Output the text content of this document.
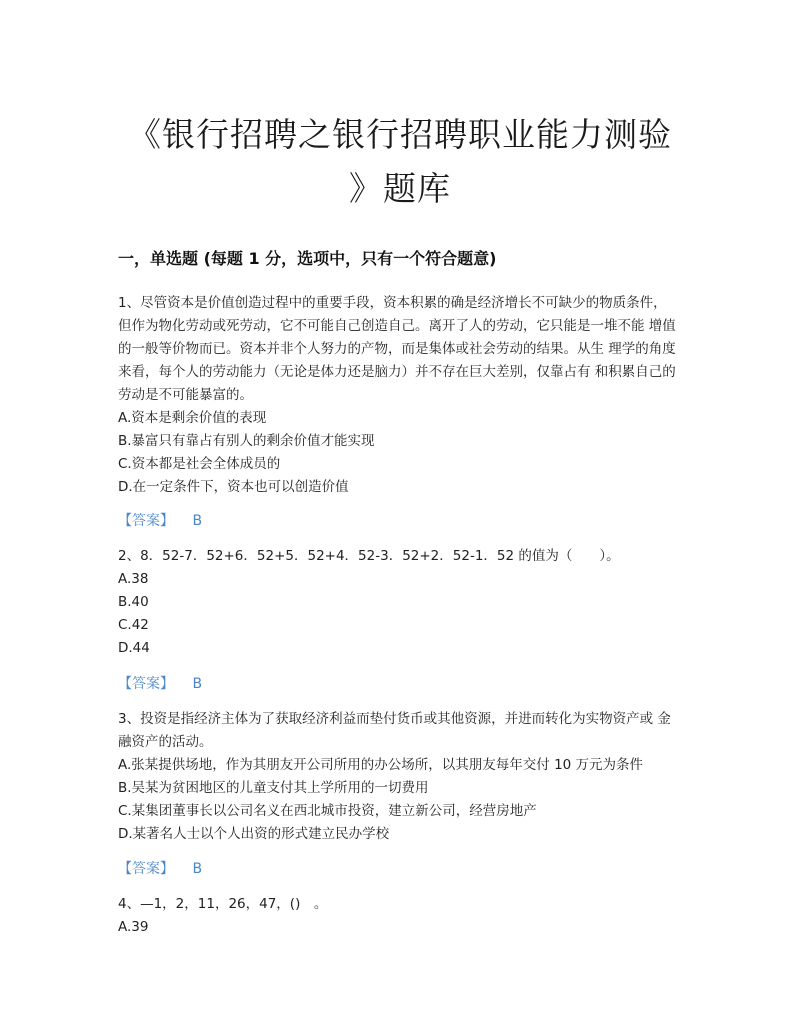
《银行招聘之银行招聘职业能力测验
》题库
一，单选题 (每题 1 分，选项中，只有一个符合题意)

1、尽管资本是价值创造过程中的重要手段，资本积累的确是经济增长不可缺少的物质条件， 但作为物化劳动或死劳动，它不可能自己创造自己。离开了人的劳动，它只能是一堆不能 增值的一般等价物而已。资本并非个人努力的产物，而是集体或社会劳动的结果。从生 理学的角度来看，每个人的劳动能力（无论是体力还是脑力）并不存在巨大差别，仅靠占有 和积累自己的劳动是不可能暴富的。

A.资本是剩余价值的表现

B.暴富只有靠占有别人的剩余价值才能实现

C.资本都是社会全体成员的

D.在一定条件下，资本也可以创造价值

【答案】 B

2、8．52-7．52+6．52+5．52+4．52-3．52+2．52-1．52 的值为（　　）。

A.38

B.40

C.42

D.44

【答案】 B

3、投资是指经济主体为了获取经济利益而垫付货币或其他资源，并进而转化为实物资产或 金融资产的活动。

A.张某提供场地，作为其朋友开公司所用的办公场所，以其朋友每年交付 10 万元为条件

B.吴某为贫困地区的儿童支付其上学所用的一切费用

C.某集团董事长以公司名义在西北城市投资，建立新公司，经营房地产

D.某著名人士以个人出资的形式建立民办学校

【答案】 B

4、—1，2，11，26，47，()　。

A.39
